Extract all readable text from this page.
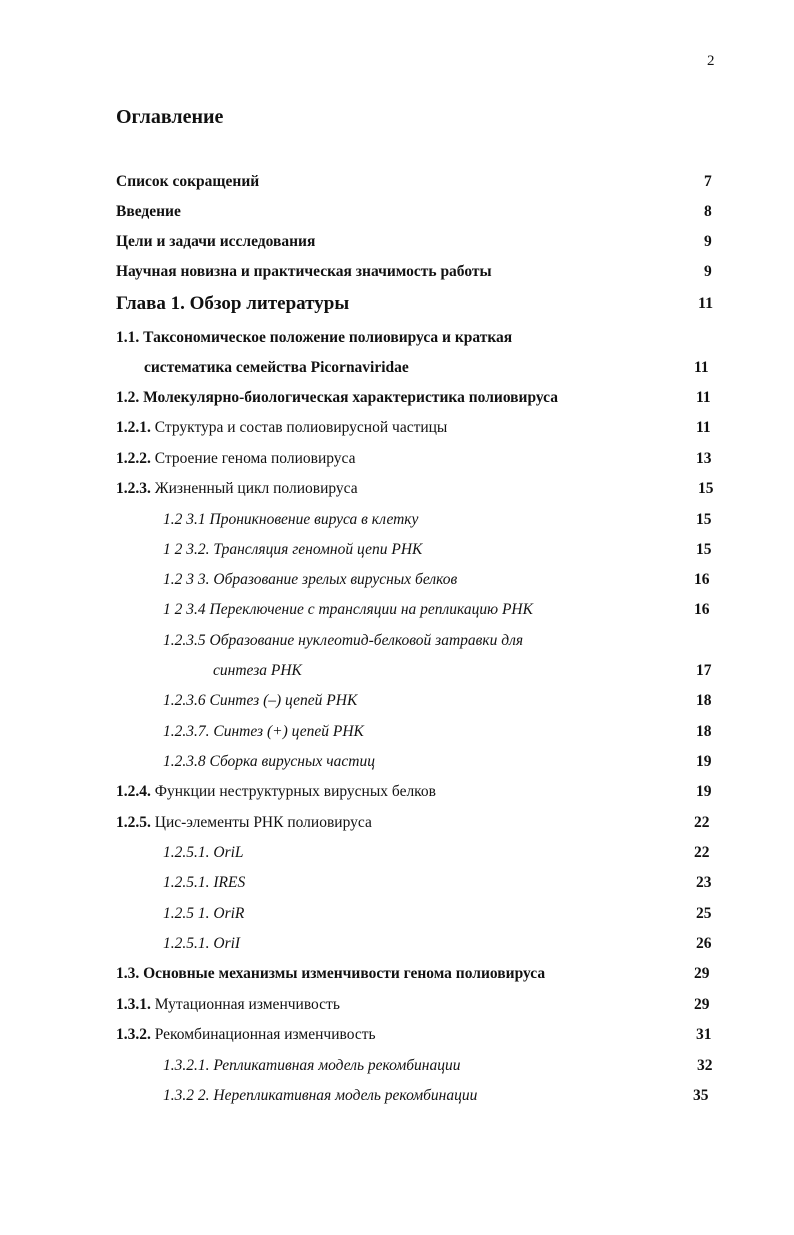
2
Оглавление
Список сокращений	7
Введение	8
Цели и задачи исследования	9
Научная новизна и практическая значимость работы	9
Глава 1. Обзор литературы	11
1.1. Таксономическое положение полиовируса и краткая
систематика семейства Picornaviridae	11
1.2. Молекулярно-биологическая характеристика полиовируса	11
1.2.1. Структура и состав полиовирусной частицы	11
1.2.2. Строение генома полиовируса	13
1.2.3. Жизненный цикл полиовируса	15
1.2 3.1 Проникновение вируса в клетку	15
1 2 3.2. Трансляция геномной цепи РНК	15
1.2 3 3. Образование зрелых вирусных белков	16
1 2 3.4 Переключение с трансляции на репликацию РНК	16
1.2.3.5 Образование нуклеотид-белковой затравки для
синтеза РНК	17
1.2.3.6 Синтез (–) цепей РНК	18
1.2.3.7. Синтез (+) цепей РНК	18
1.2.3.8 Сборка вирусных частиц	19
1.2.4. Функции неструктурных вирусных белков	19
1.2.5. Цис-элементы РНК полиовируса	22
1.2.5.1. OriL	22
1.2.5.1. IRES	23
1.2.5 1. OriR	25
1.2.5.1. OriI	26
1.3. Основные механизмы изменчивости генома полиовируса	29
1.3.1. Мутационная изменчивость	29
1.3.2. Рекомбинационная изменчивость	31
1.3.2.1. Репликативная модель рекомбинации	32
1.3.2 2. Нерепликативная модель рекомбинации	35
